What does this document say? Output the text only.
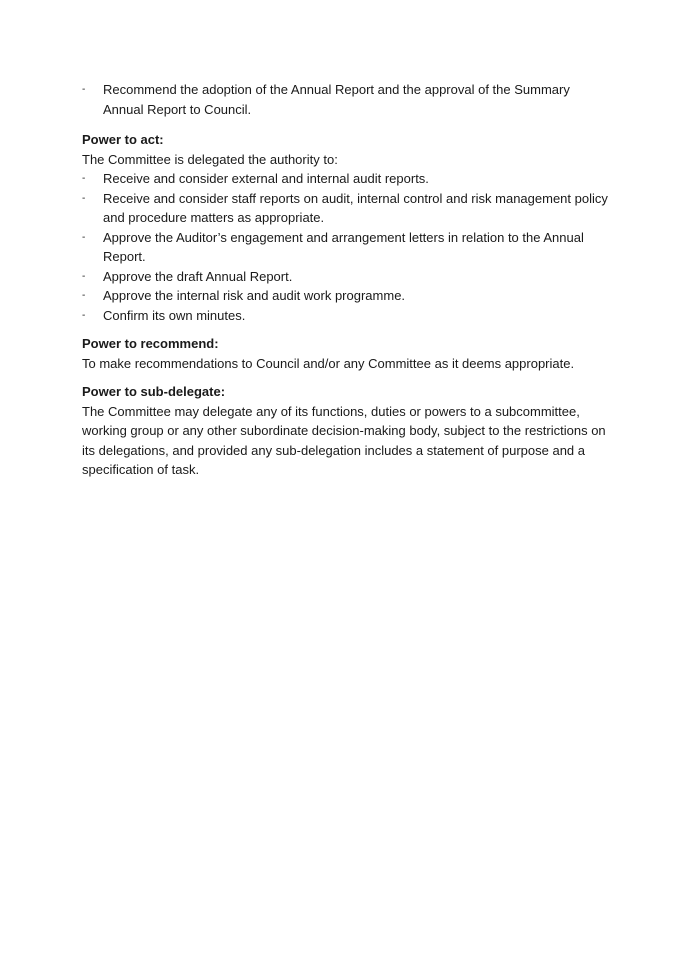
- Recommend the adoption of the Annual Report and the approval of the Summary Annual Report to Council.

Power to act:

The Committee is delegated the authority to:

- Receive and consider external and internal audit reports.
- Receive and consider staff reports on audit, internal control and risk management policy and procedure matters as appropriate.
- Approve the Auditor’s engagement and arrangement letters in relation to the Annual Report.
- Approve the draft Annual Report.
- Approve the internal risk and audit work programme.
- Confirm its own minutes.

Power to recommend:

To make recommendations to Council and/or any Committee as it deems appropriate.

Power to sub-delegate:

The Committee may delegate any of its functions, duties or powers to a subcommittee, working group or any other subordinate decision-making body, subject to the restrictions on its delegations, and provided any sub-delegation includes a statement of purpose and a specification of task.
